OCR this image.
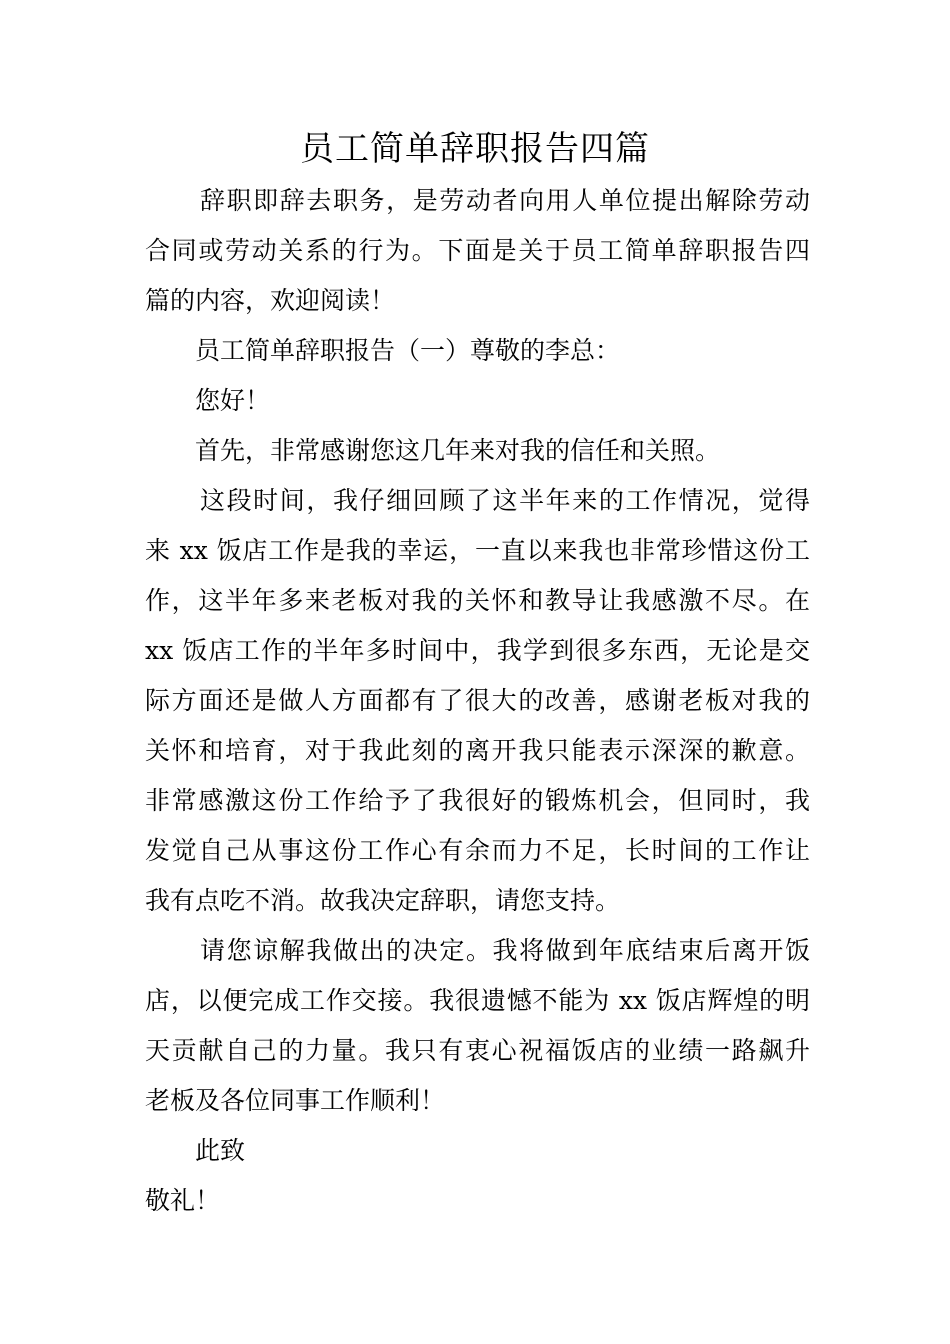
员工简单辞职报告四篇
辞职即辞去职务，是劳动者向用人单位提出解除劳动
合同或劳动关系的行为。下面是关于员工简单辞职报告四
篇的内容，欢迎阅读！
员工简单辞职报告（一）尊敬的李总：
您好！
首先，非常感谢您这几年来对我的信任和关照。
这段时间，我仔细回顾了这半年来的工作情况，觉得
来 xx 饭店工作是我的幸运，一直以来我也非常珍惜这份工
作，这半年多来老板对我的关怀和教导让我感激不尽。在
xx 饭店工作的半年多时间中，我学到很多东西，无论是交
际方面还是做人方面都有了很大的改善，感谢老板对我的
关怀和培育，对于我此刻的离开我只能表示深深的歉意。
非常感激这份工作给予了我很好的锻炼机会，但同时，我
发觉自己从事这份工作心有余而力不足，长时间的工作让
我有点吃不消。故我决定辞职，请您支持。
请您谅解我做出的决定。我将做到年底结束后离开饭
店，以便完成工作交接。我很遗憾不能为 xx 饭店辉煌的明
天贡献自己的力量。我只有衷心祝福饭店的业绩一路飙升
老板及各位同事工作顺利！
此致
敬礼！
